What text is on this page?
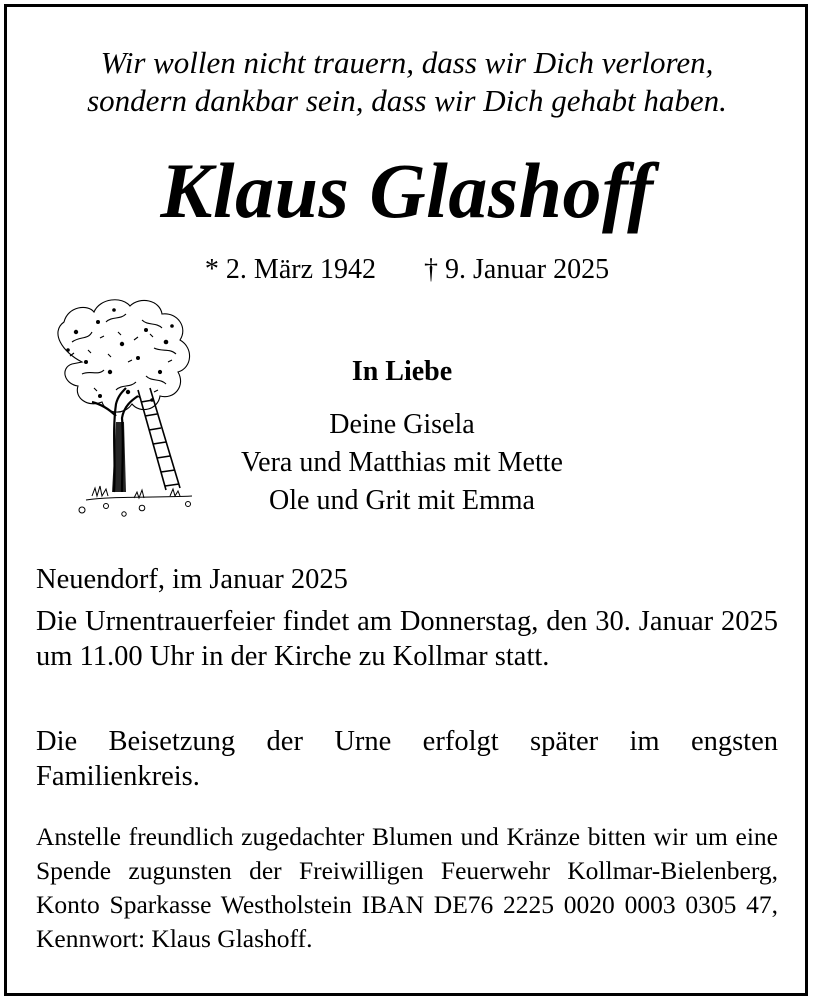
Wir wollen nicht trauern, dass wir Dich verloren,
sondern dankbar sein, dass wir Dich gehabt haben.
Klaus Glashoff
* 2. März 1942 † 9. Januar 2025
In Liebe
Deine Gisela
Vera und Matthias mit Mette
Ole und Grit mit Emma
Neuendorf, im Januar 2025
Die Urnentrauerfeier findet am Donnerstag, den 30. Januar 2025 um 11.00 Uhr in der Kirche zu Kollmar statt.
Die Beisetzung der Urne erfolgt später im engsten Familienkreis.
Anstelle freundlich zugedachter Blumen und Kränze bitten wir um eine Spende zugunsten der Freiwilligen Feuerwehr Kollmar-Bielenberg, Konto Sparkasse Westholstein IBAN DE76 2225 0020 0003 0305 47, Kennwort: Klaus Glashoff.
